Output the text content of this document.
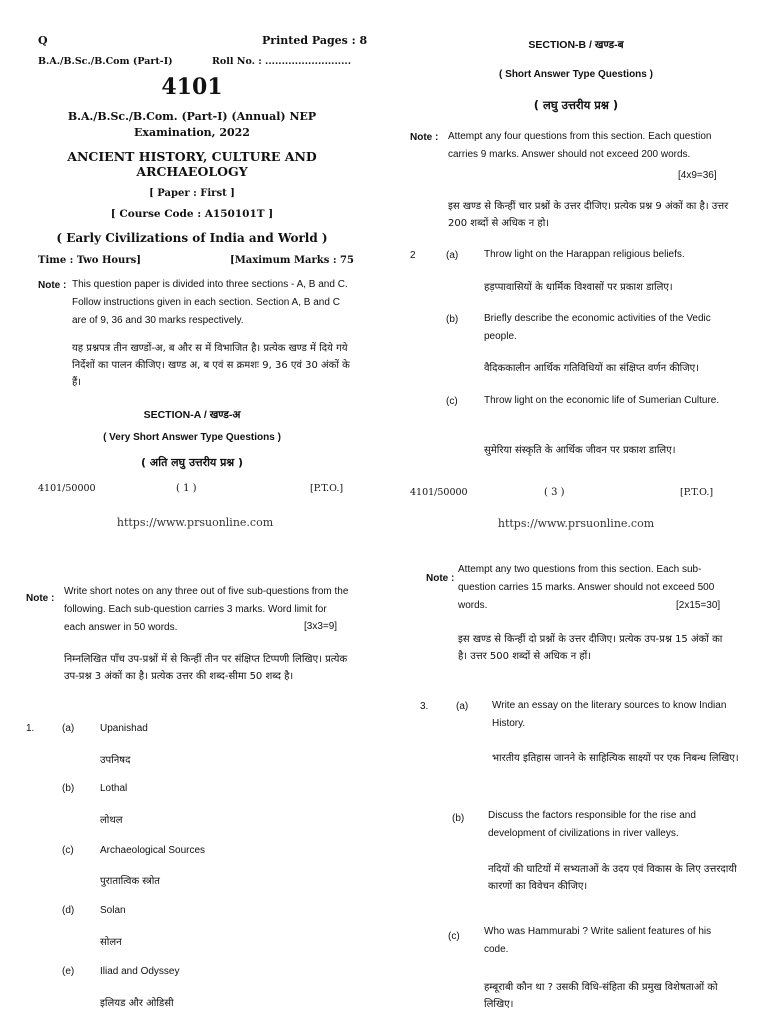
Q	Printed Pages : 8
B.A./B.Sc./B.Com (Part-I)	Roll No. : ..........................
4101
B.A./B.Sc./B.Com. (Part-I) (Annual) NEP
Examination, 2022
ANCIENT HISTORY, CULTURE AND
ARCHAEOLOGY
[ Paper : First ]
[ Course Code : A150101T ]
( Early Civilizations of India and World )
Time : Two Hours]	[Maximum Marks : 75
Note : This question paper is divided into three sections - A, B and C. Follow instructions given in each section. Section A, B and C are of 9, 36 and 30 marks respectively.
यह प्रश्नपत्र तीन खण्डों-अ, ब और स में विभाजित है। प्रत्येक खण्ड में दिये गये निर्देशों का पालन कीजिए। खण्ड अ, ब एवं स क्रमशः 9, 36 एवं 30 अंकों के हैं।
SECTION-A / खण्ड-अ
( Very Short Answer Type Questions )
( अति लघु उत्तरीय प्रश्न )
4101/50000	( 1 )	[P.T.O.]
https://www.prsuonline.com
SECTION-B / खण्ड-ब
( Short Answer Type Questions )
( लघु उत्तरीय प्रश्न )
Note : Attempt any four questions from this section. Each question carries 9 marks. Answer should not exceed 200 words.
[4x9=36]
इस खण्ड से किन्हीं चार प्रश्नों के उत्तर दीजिए। प्रत्येक प्रश्न 9 अंकों का है। उत्तर 200 शब्दों से अधिक न हो।
2	(a)	Throw light on the Harappan religious beliefs.
हड़प्पावासियों के धार्मिक विश्वासों पर प्रकाश डालिए।
(b)	Briefly describe the economic activities of the Vedic people.
वैदिककालीन आर्थिक गतिविधियों का संक्षिप्त वर्णन कीजिए।
(c)	Throw light on the economic life of Sumerian Culture.
सुमेरिया संस्कृति के आर्थिक जीवन पर प्रकाश डालिए।
4101/50000	( 3 )	[P.T.O.]
https://www.prsuonline.com
Note :
Write short notes on any three out of five sub-questions from the following. Each sub-question carries 3 marks. Word limit for each answer in 50 words.	[3x3=9]
निम्नलिखित पाँच उप-प्रश्नों में से किन्हीं तीन पर संक्षिप्त टिप्पणी लिखिए। प्रत्येक उप-प्रश्न 3 अंकों का है। प्रत्येक उत्तर की शब्द-सीमा 50 शब्द है।
1.	(a)	Upanishad
उपनिषद
(b)	Lothal
लोथल
(c)	Archaeological Sources
पुरातात्विक स्त्रोत
(d)	Solan
सोलन
(e)	Iliad and Odyssey
इलियड और ओडिसी
Note :
Attempt any two questions from this section. Each sub-question carries 15 marks. Answer should not exceed 500 words.	[2x15=30]
इस खण्ड से किन्हीं दो प्रश्नों के उत्तर दीजिए। प्रत्येक उप-प्रश्न 15 अंकों का है। उत्तर 500 शब्दों से अधिक न हों।
3.	(a) Write an essay on the literary sources to know Indian History.
भारतीय इतिहास जानने के साहित्यिक साक्ष्यों पर एक निबन्ध लिखिए।
(b) Discuss the factors responsible for the rise and development of civilizations in river valleys.
नदियों की घाटियों में सभ्यताओं के उदय एवं विकास के लिए उत्तरदायी कारणों का विवेचन कीजिए।
(c) Who was Hammurabi ? Write salient features of his code.
हम्बूराबी कौन था ? उसकी विधि-संहिता की प्रमुख विशेषताओं को लिखिए।
